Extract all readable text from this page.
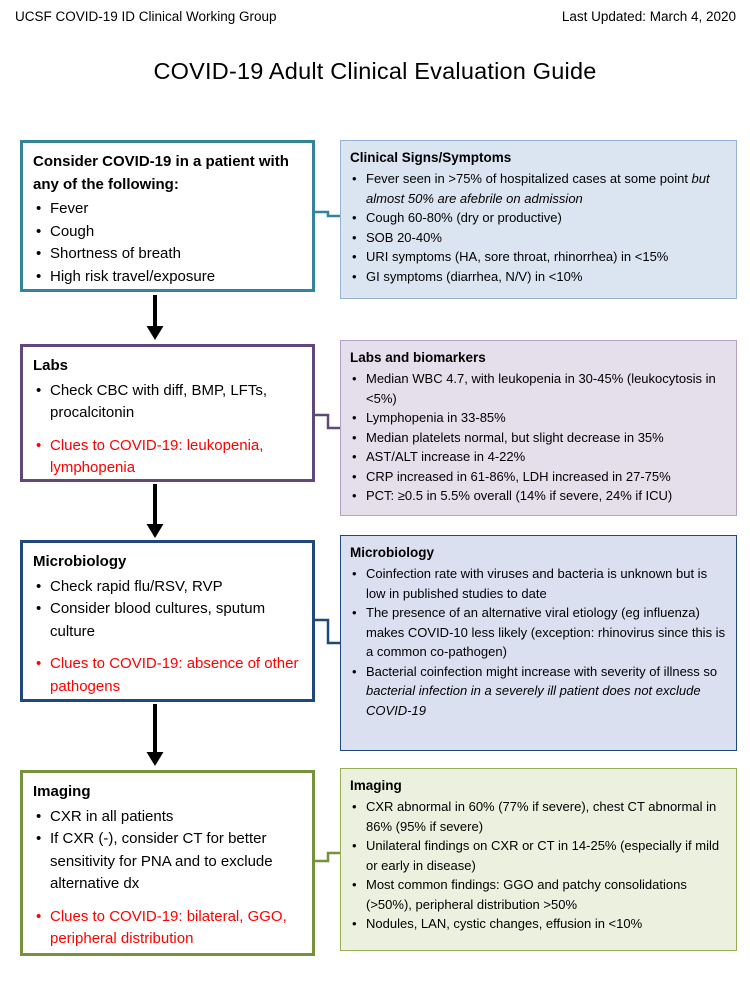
UCSF COVID-19 ID Clinical Working Group	Last Updated: March 4, 2020
COVID-19 Adult Clinical Evaluation Guide
Consider COVID-19 in a patient with any of the following:
• Fever
• Cough
• Shortness of breath
• High risk travel/exposure
Clinical Signs/Symptoms
• Fever seen in >75% of hospitalized cases at some point but almost 50% are afebrile on admission
• Cough 60-80% (dry or productive)
• SOB 20-40%
• URI symptoms (HA, sore throat, rhinorrhea) in <15%
• GI symptoms (diarrhea, N/V) in <10%
Labs
• Check CBC with diff, BMP, LFTs, procalcitonin
• Clues to COVID-19: leukopenia, lymphopenia
Labs and biomarkers
• Median WBC 4.7, with leukopenia in 30-45% (leukocytosis in <5%)
• Lymphopenia in 33-85%
• Median platelets normal, but slight decrease in 35%
• AST/ALT increase in 4-22%
• CRP increased in 61-86%, LDH increased in 27-75%
• PCT: ≥0.5 in 5.5% overall (14% if severe, 24% if ICU)
Microbiology
• Check rapid flu/RSV, RVP
• Consider blood cultures, sputum culture
• Clues to COVID-19: absence of other pathogens
Microbiology
• Coinfection rate with viruses and bacteria is unknown but is low in published studies to date
• The presence of an alternative viral etiology (eg influenza) makes COVID-10 less likely (exception: rhinovirus since this is a common co-pathogen)
• Bacterial coinfection might increase with severity of illness so bacterial infection in a severely ill patient does not exclude COVID-19
Imaging
• CXR in all patients
• If CXR (-), consider CT for better sensitivity for PNA and to exclude alternative dx
• Clues to COVID-19: bilateral, GGO, peripheral distribution
Imaging
• CXR abnormal in 60% (77% if severe), chest CT abnormal in 86% (95% if severe)
• Unilateral findings on CXR or CT in 14-25% (especially if mild or early in disease)
• Most common findings: GGO and patchy consolidations (>50%), peripheral distribution >50%
• Nodules, LAN, cystic changes, effusion in <10%
